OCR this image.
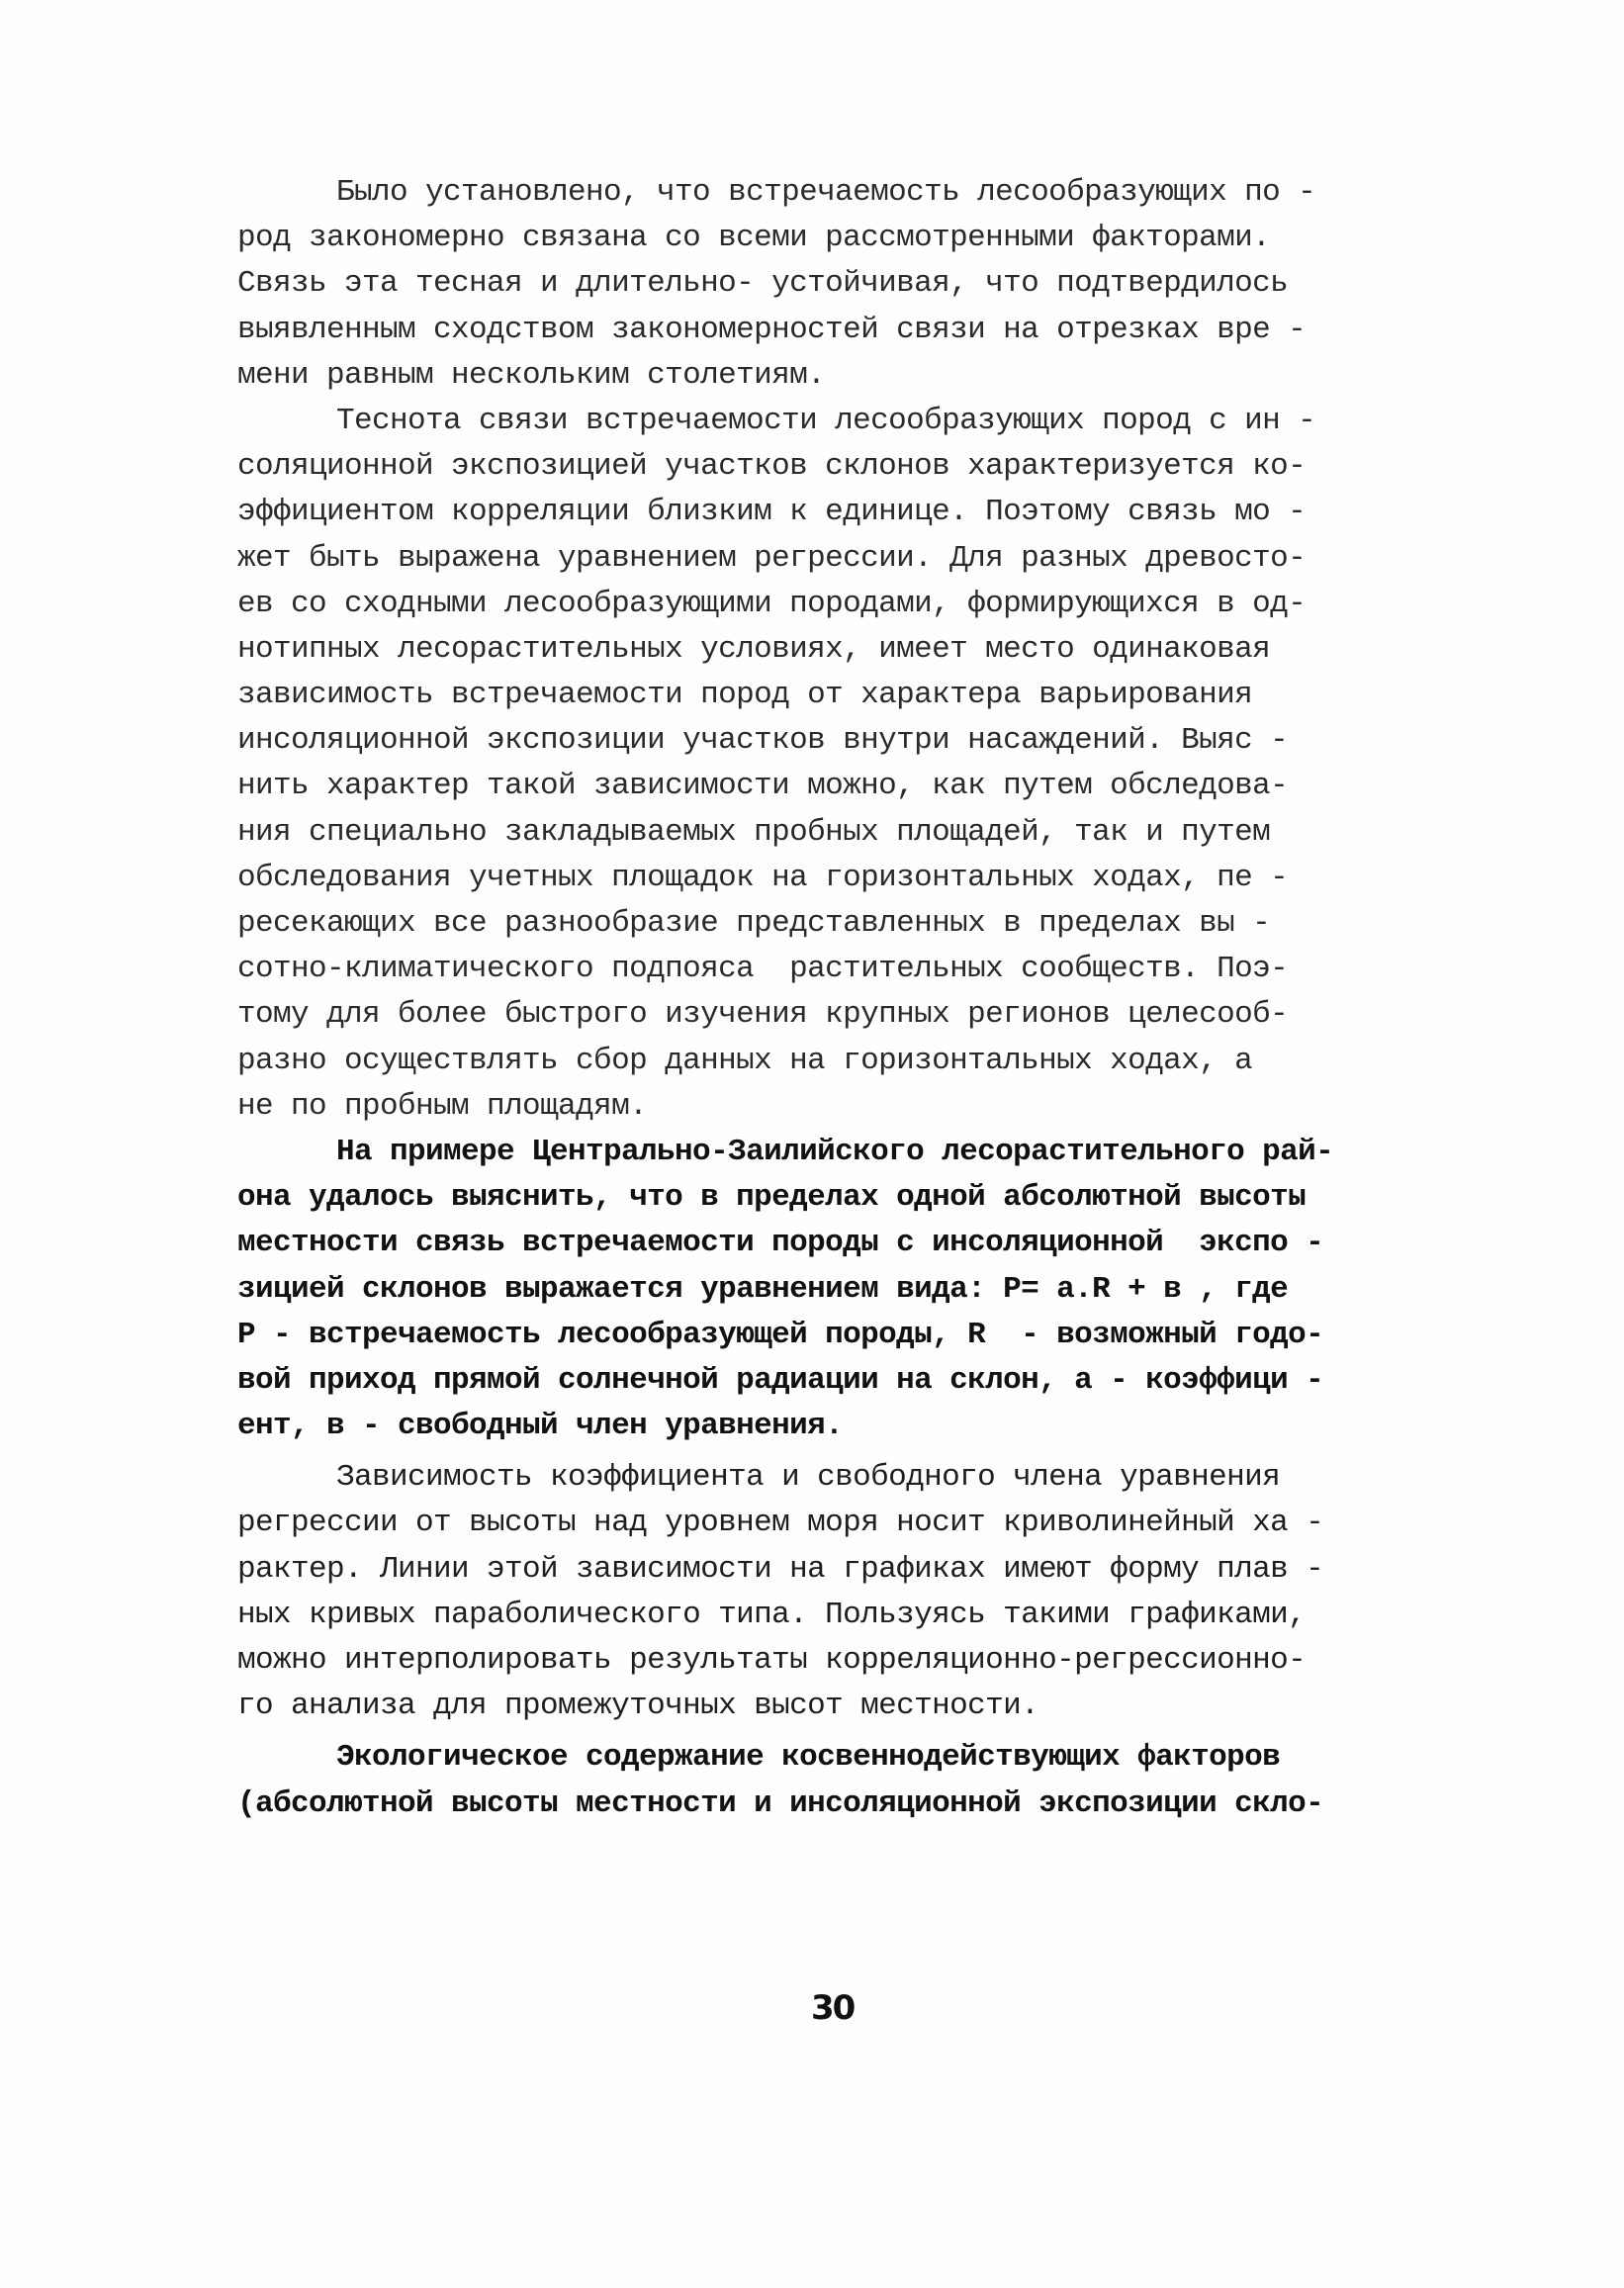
Было установлено, что встречаемость лесообразующих по -
род закономерно связана со всеми рассмотренными факторами.
Связь эта тесная и длительно- устойчивая, что подтвердилось
выявленным сходством закономерностей связи на отрезках вре -
мени равным нескольким столетиям.
Теснота связи встречаемости лесообразующих пород с ин -
соляционной экспозицией участков склонов характеризуется ко-
эффициентом корреляции близким к единице. Поэтому связь мо -
жет быть выражена уравнением регрессии. Для разных древосто-
ев со сходными лесообразующими породами, формирующихся в од-
нотипных лесорастительных условиях, имеет место одинаковая
зависимость встречаемости пород от характера варьирования
инсоляционной экспозиции участков внутри насаждений. Выяс -
нить характер такой зависимости можно, как путем обследова-
ния специально закладываемых пробных площадей, так и путем
обследования учетных площадок на горизонтальных ходах, пе -
ресекающих все разнообразие представленных в пределах вы -
сотно-климатического подпояса  растительных сообществ. Поэ-
тому для более быстрого изучения крупных регионов целесооб-
разно осуществлять сбор данных на горизонтальных ходах, а
не по пробным площадям.
На примере Центрально-Заилийского лесорастительного рай-
она удалось выяснить, что в пределах одной абсолютной высоты
местности связь встречаемости породы с инсоляционной  экспо -
зицией склонов выражается уравнением вида: P= a.R + в , где
P - встречаемость лесообразующей породы, R  - возможный годо-
вой приход прямой солнечной радиации на склон, а - коэффици -
ент, в - свободный член уравнения.
Зависимость коэффициента и свободного члена уравнения
регрессии от высоты над уровнем моря носит криволинейный ха -
рактер. Линии этой зависимости на графиках имеют форму плав -
ных кривых параболического типа. Пользуясь такими графиками,
можно интерполировать результаты корреляционно-регрессионно-
го анализа для промежуточных высот местности.
Экологическое содержание косвеннодействующих факторов
(абсолютной высоты местности и инсоляционной экспозиции скло-
30
